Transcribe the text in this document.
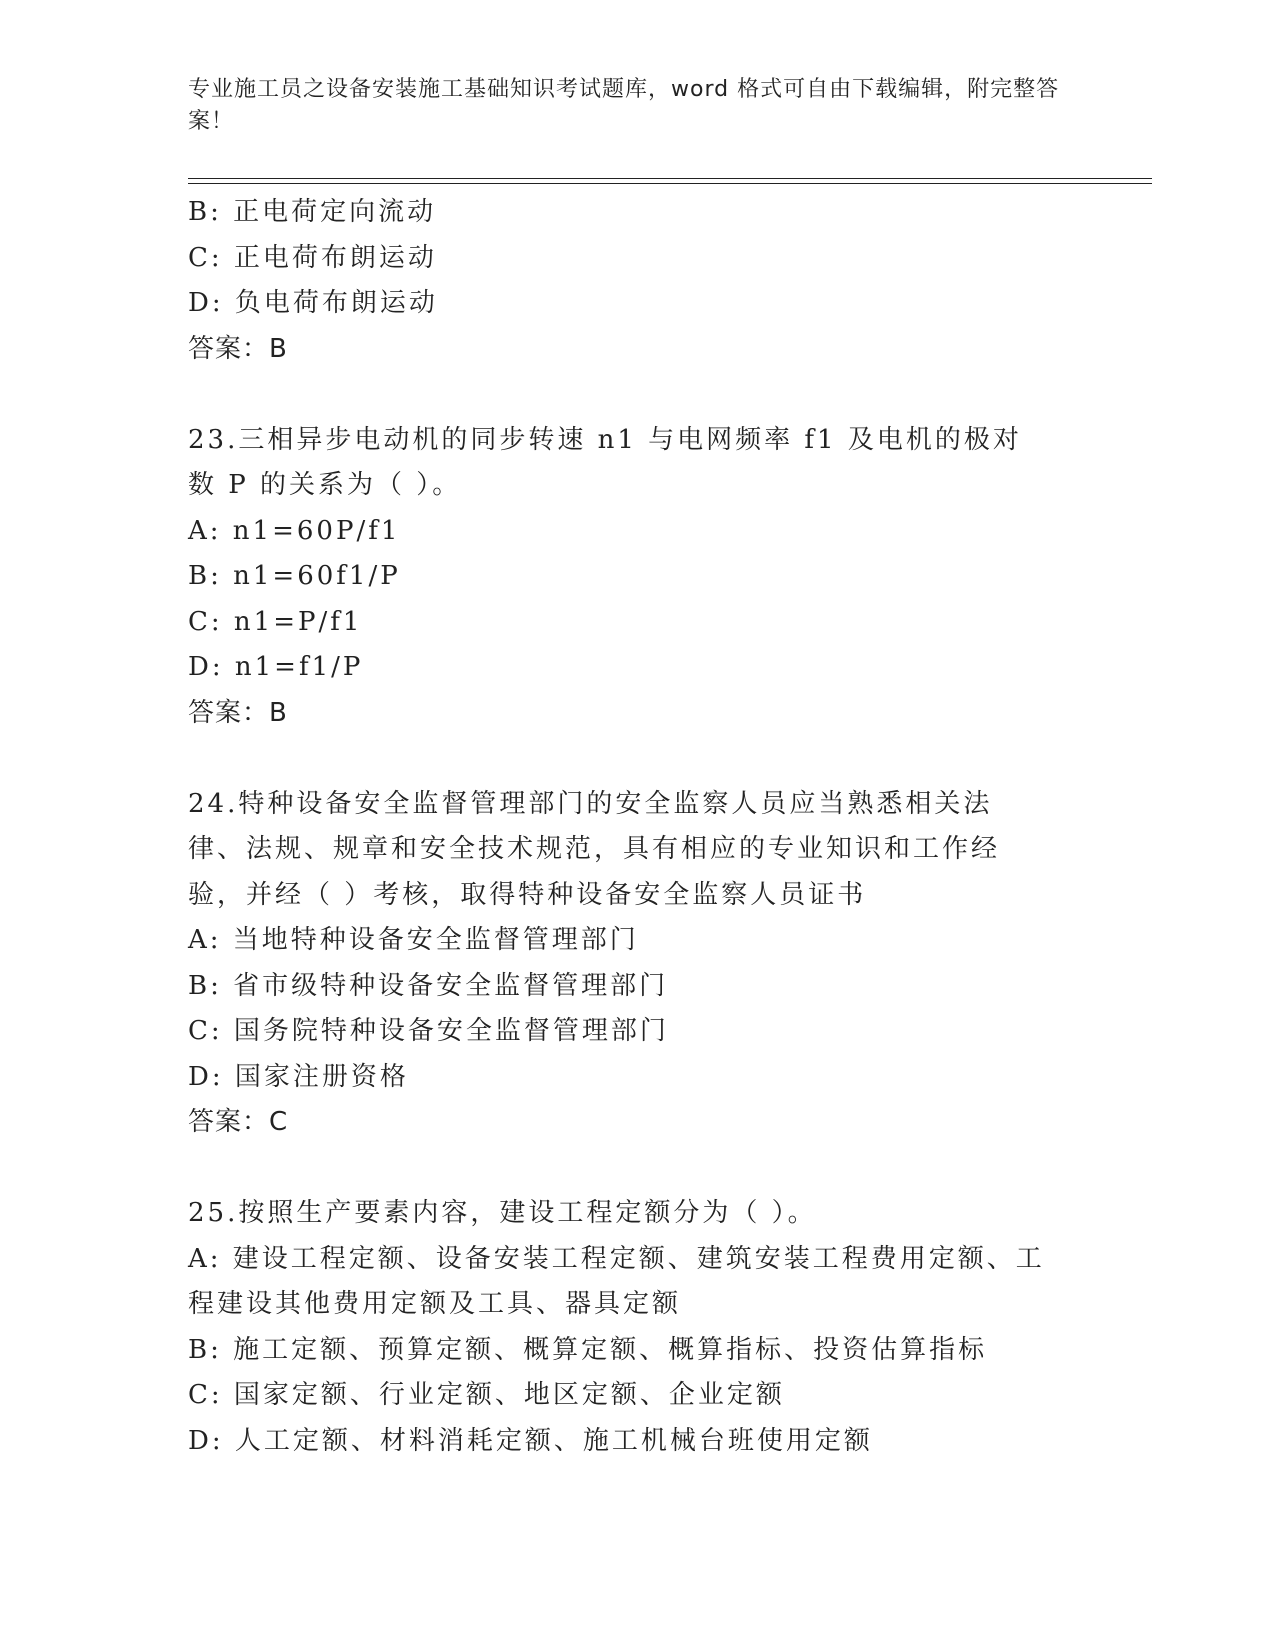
专业施工员之设备安装施工基础知识考试题库，word 格式可自由下载编辑，附完整答案！
B: 正电荷定向流动
C: 正电荷布朗运动
D: 负电荷布朗运动
答案：B
23.三相异步电动机的同步转速 n1 与电网频率 f1 及电机的极对数 P 的关系为（ ）。
A: n1=60P/f1
B: n1=60f1/P
C: n1=P/f1
D: n1=f1/P
答案：B
24.特种设备安全监督管理部门的安全监察人员应当熟悉相关法律、法规、规章和安全技术规范，具有相应的专业知识和工作经验，并经（ ）考核，取得特种设备安全监察人员证书
A: 当地特种设备安全监督管理部门
B: 省市级特种设备安全监督管理部门
C: 国务院特种设备安全监督管理部门
D: 国家注册资格
答案：C
25.按照生产要素内容，建设工程定额分为（ ）。
A: 建设工程定额、设备安装工程定额、建筑安装工程费用定额、工程建设其他费用定额及工具、器具定额
B: 施工定额、预算定额、概算定额、概算指标、投资估算指标
C: 国家定额、行业定额、地区定额、企业定额
D: 人工定额、材料消耗定额、施工机械台班使用定额
